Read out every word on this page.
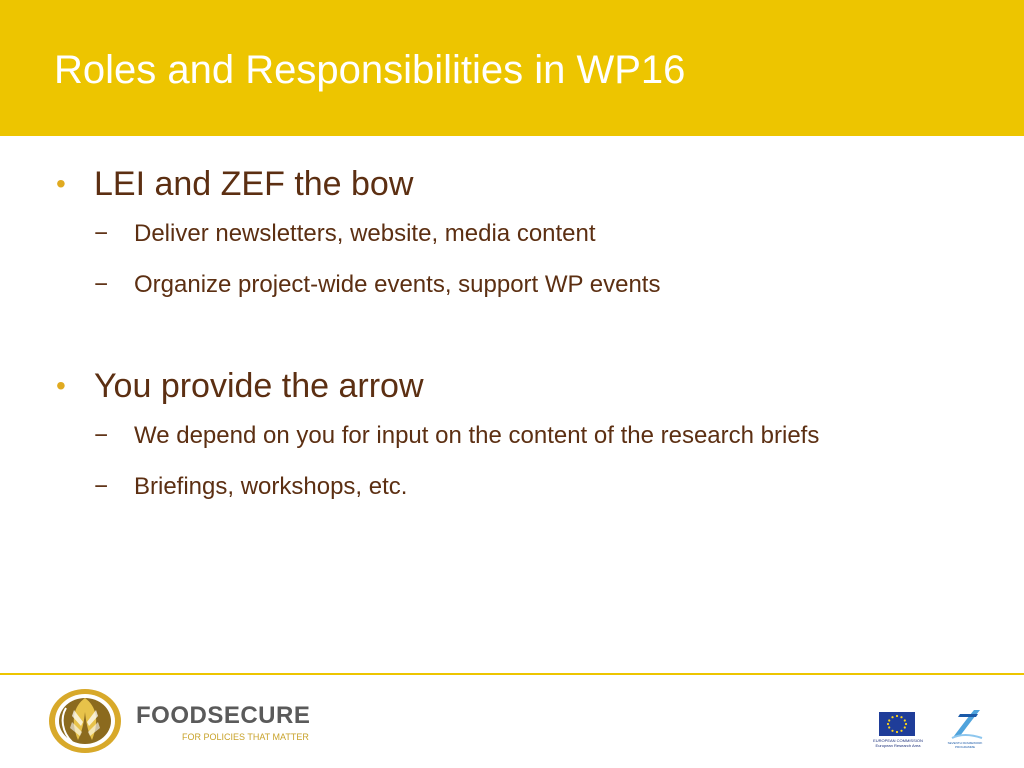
Roles and Responsibilities in WP16
• LEI and ZEF the bow
− Deliver newsletters, website, media content
− Organize project-wide events, support WP events
• You provide the arrow
− We depend on you for input on the content of the research briefs
− Briefings, workshops, etc.
FOODSECURE
FOR POLICIES THAT MATTER	EUROPEAN COMMISSION
European Research Area	SEVENTH FRAMEWORK
PROGRAMME
